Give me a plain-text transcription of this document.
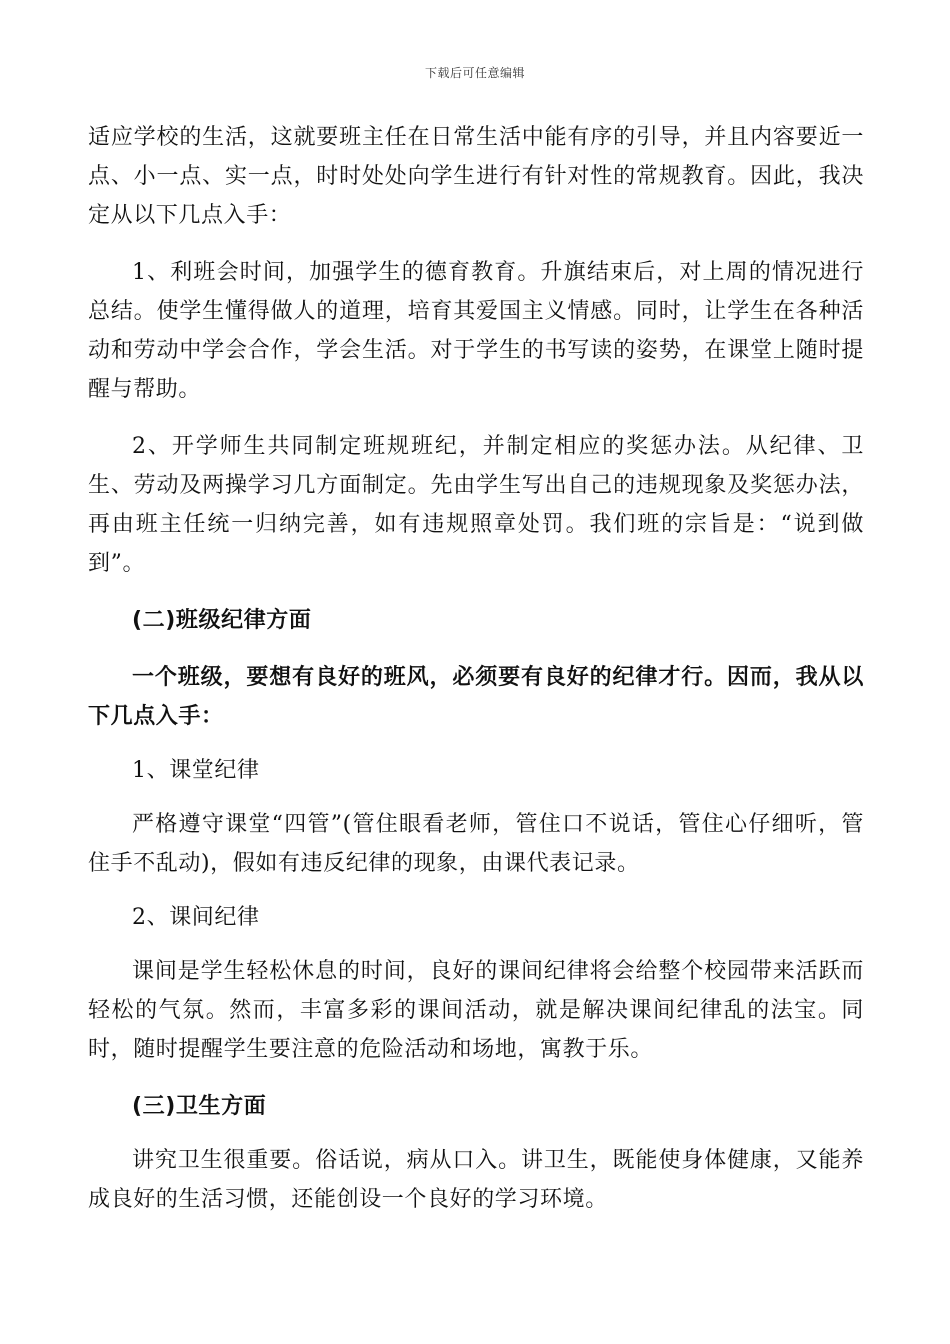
下载后可任意编辑

适应学校的生活，这就要班主任在日常生活中能有序的引导，并且内容要近一点、小一点、实一点，时时处处向学生进行有针对性的常规教育。因此，我决定从以下几点入手：

1、利班会时间，加强学生的德育教育。升旗结束后，对上周的情况进行总结。使学生懂得做人的道理，培育其爱国主义情感。同时，让学生在各种活动和劳动中学会合作，学会生活。对于学生的书写读的姿势，在课堂上随时提醒与帮助。

2、开学师生共同制定班规班纪，并制定相应的奖惩办法。从纪律、卫生、劳动及两操学习几方面制定。先由学生写出自己的违规现象及奖惩办法，再由班主任统一归纳完善，如有违规照章处罚。我们班的宗旨是：“说到做到”。

(二)班级纪律方面

一个班级，要想有良好的班风，必须要有良好的纪律才行。因而，我从以下几点入手：

1、课堂纪律

严格遵守课堂“四管”(管住眼看老师，管住口不说话，管住心仔细听，管住手不乱动)，假如有违反纪律的现象，由课代表记录。

2、课间纪律

课间是学生轻松休息的时间，良好的课间纪律将会给整个校园带来活跃而轻松的气氛。然而，丰富多彩的课间活动，就是解决课间纪律乱的法宝。同时，随时提醒学生要注意的危险活动和场地，寓教于乐。

(三)卫生方面

讲究卫生很重要。俗话说，病从口入。讲卫生，既能使身体健康，又能养成良好的生活习惯，还能创设一个良好的学习环境。
